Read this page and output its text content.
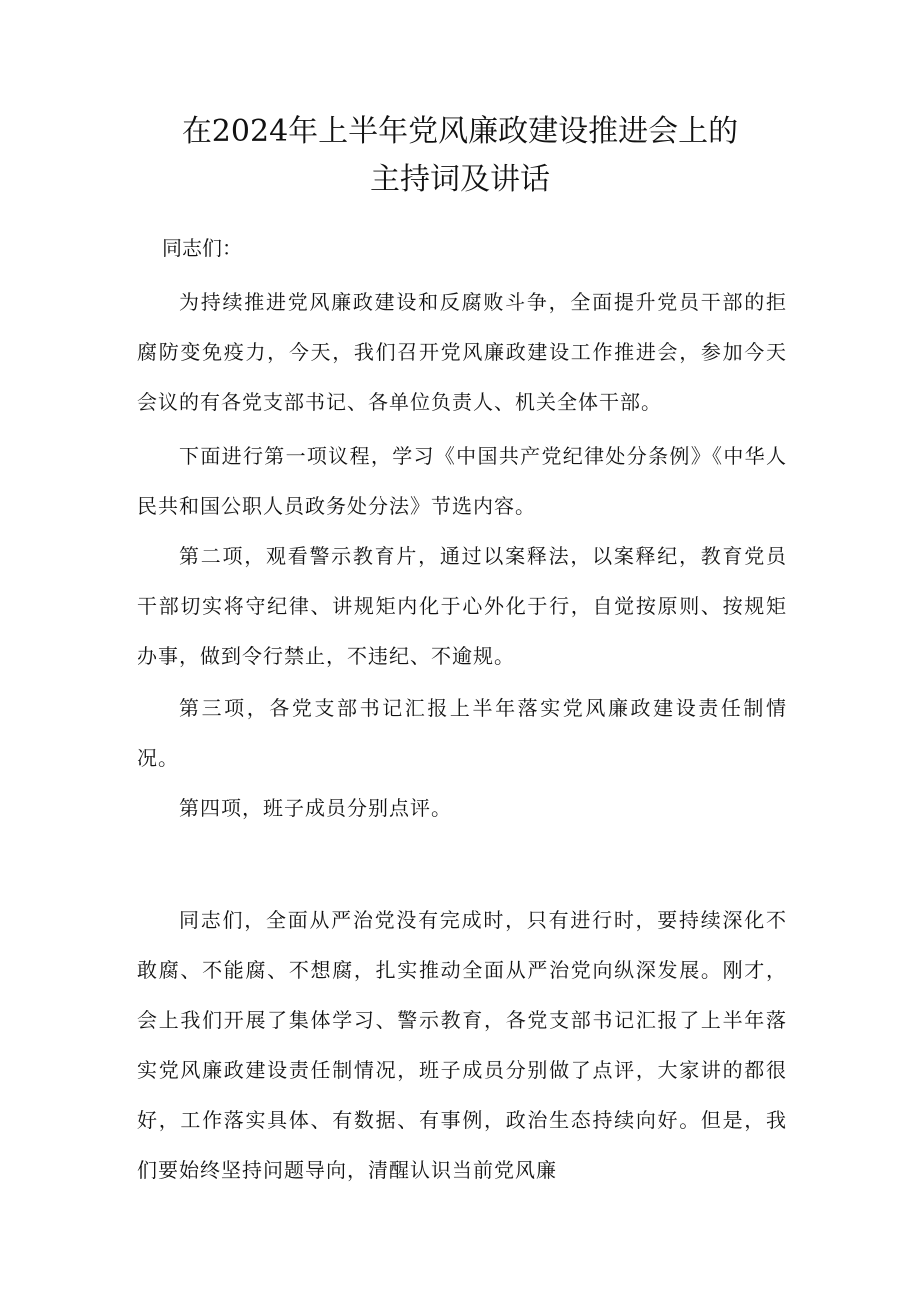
在2024年上半年党风廉政建设推进会上的
主持词及讲话

同志们：

为持续推进党风廉政建设和反腐败斗争，全面提升党员干部的拒腐防变免疫力，今天，我们召开党风廉政建设工作推进会，参加今天会议的有各党支部书记、各单位负责人、机关全体干部。

下面进行第一项议程，学习《中国共产党纪律处分条例》《中华人民共和国公职人员政务处分法》节选内容。

第二项，观看警示教育片，通过以案释法，以案释纪，教育党员干部切实将守纪律、讲规矩内化于心外化于行，自觉按原则、按规矩办事，做到令行禁止，不违纪、不逾规。

第三项，各党支部书记汇报上半年落实党风廉政建设责任制情况。

第四项，班子成员分别点评。

同志们，全面从严治党没有完成时，只有进行时，要持续深化不敢腐、不能腐、不想腐，扎实推动全面从严治党向纵深发展。刚才，会上我们开展了集体学习、警示教育，各党支部书记汇报了上半年落实党风廉政建设责任制情况，班子成员分别做了点评，大家讲的都很好，工作落实具体、有数据、有事例，政治生态持续向好。但是，我们要始终坚持问题导向，清醒认识当前党风廉
